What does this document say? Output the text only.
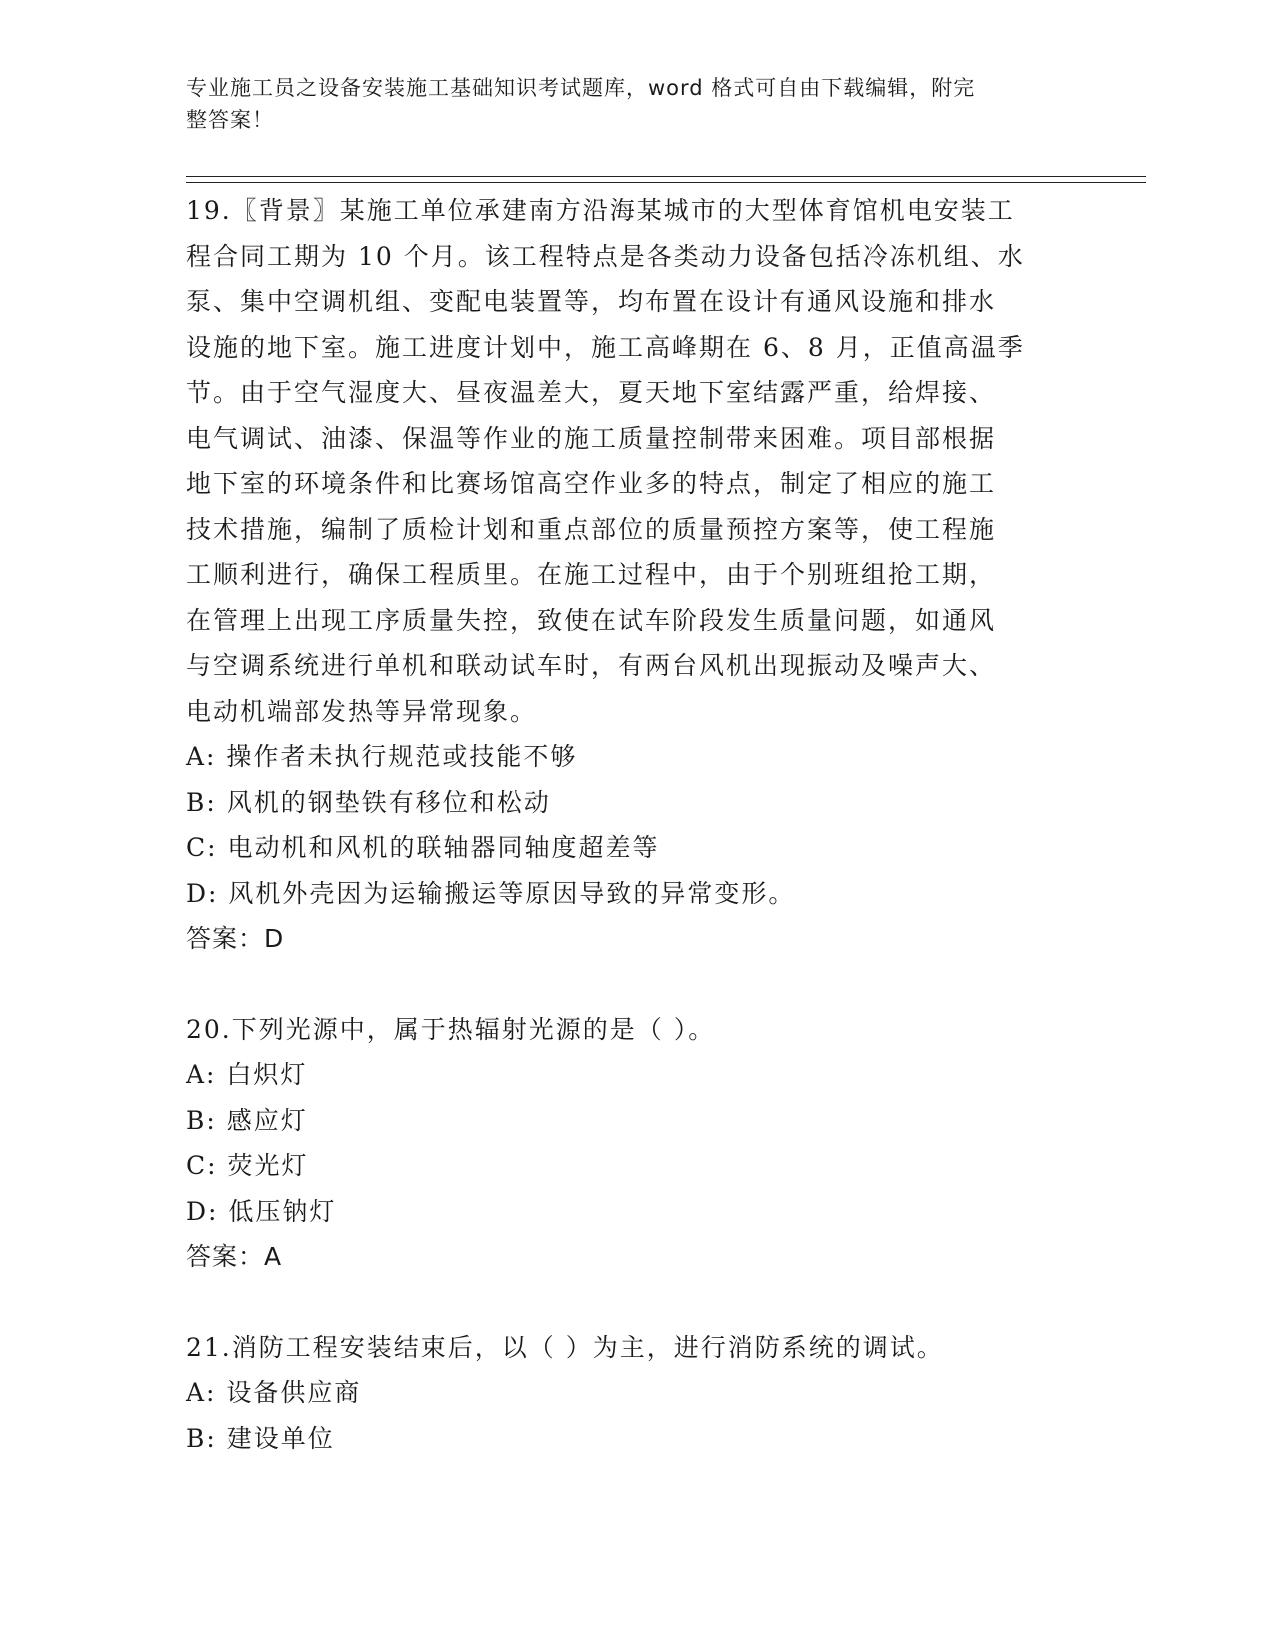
专业施工员之设备安装施工基础知识考试题库，word 格式可自由下载编辑，附完
整答案！
19.〖背景〗某施工单位承建南方沿海某城市的大型体育馆机电安装工
程合同工期为 10 个月。该工程特点是各类动力设备包括冷冻机组、水
泵、集中空调机组、变配电装置等，均布置在设计有通风设施和排水
设施的地下室。施工进度计划中，施工高峰期在 6、8 月，正值高温季
节。由于空气湿度大、昼夜温差大，夏天地下室结露严重，给焊接、
电气调试、油漆、保温等作业的施工质量控制带来困难。项目部根据
地下室的环境条件和比赛场馆高空作业多的特点，制定了相应的施工
技术措施，编制了质检计划和重点部位的质量预控方案等，使工程施
工顺利进行，确保工程质里。在施工过程中，由于个别班组抢工期，
在管理上出现工序质量失控，致使在试车阶段发生质量问题，如通风
与空调系统进行单机和联动试车时，有两台风机出现振动及噪声大、
电动机端部发热等异常现象。
A: 操作者未执行规范或技能不够
B: 风机的钢垫铁有移位和松动
C: 电动机和风机的联轴器同轴度超差等
D: 风机外壳因为运输搬运等原因导致的异常变形。
答案：D
20.下列光源中，属于热辐射光源的是（ ）。
A: 白炽灯
B: 感应灯
C: 荧光灯
D: 低压钠灯
答案：A
21.消防工程安装结束后，以（ ）为主，进行消防系统的调试。
A: 设备供应商
B: 建设单位
